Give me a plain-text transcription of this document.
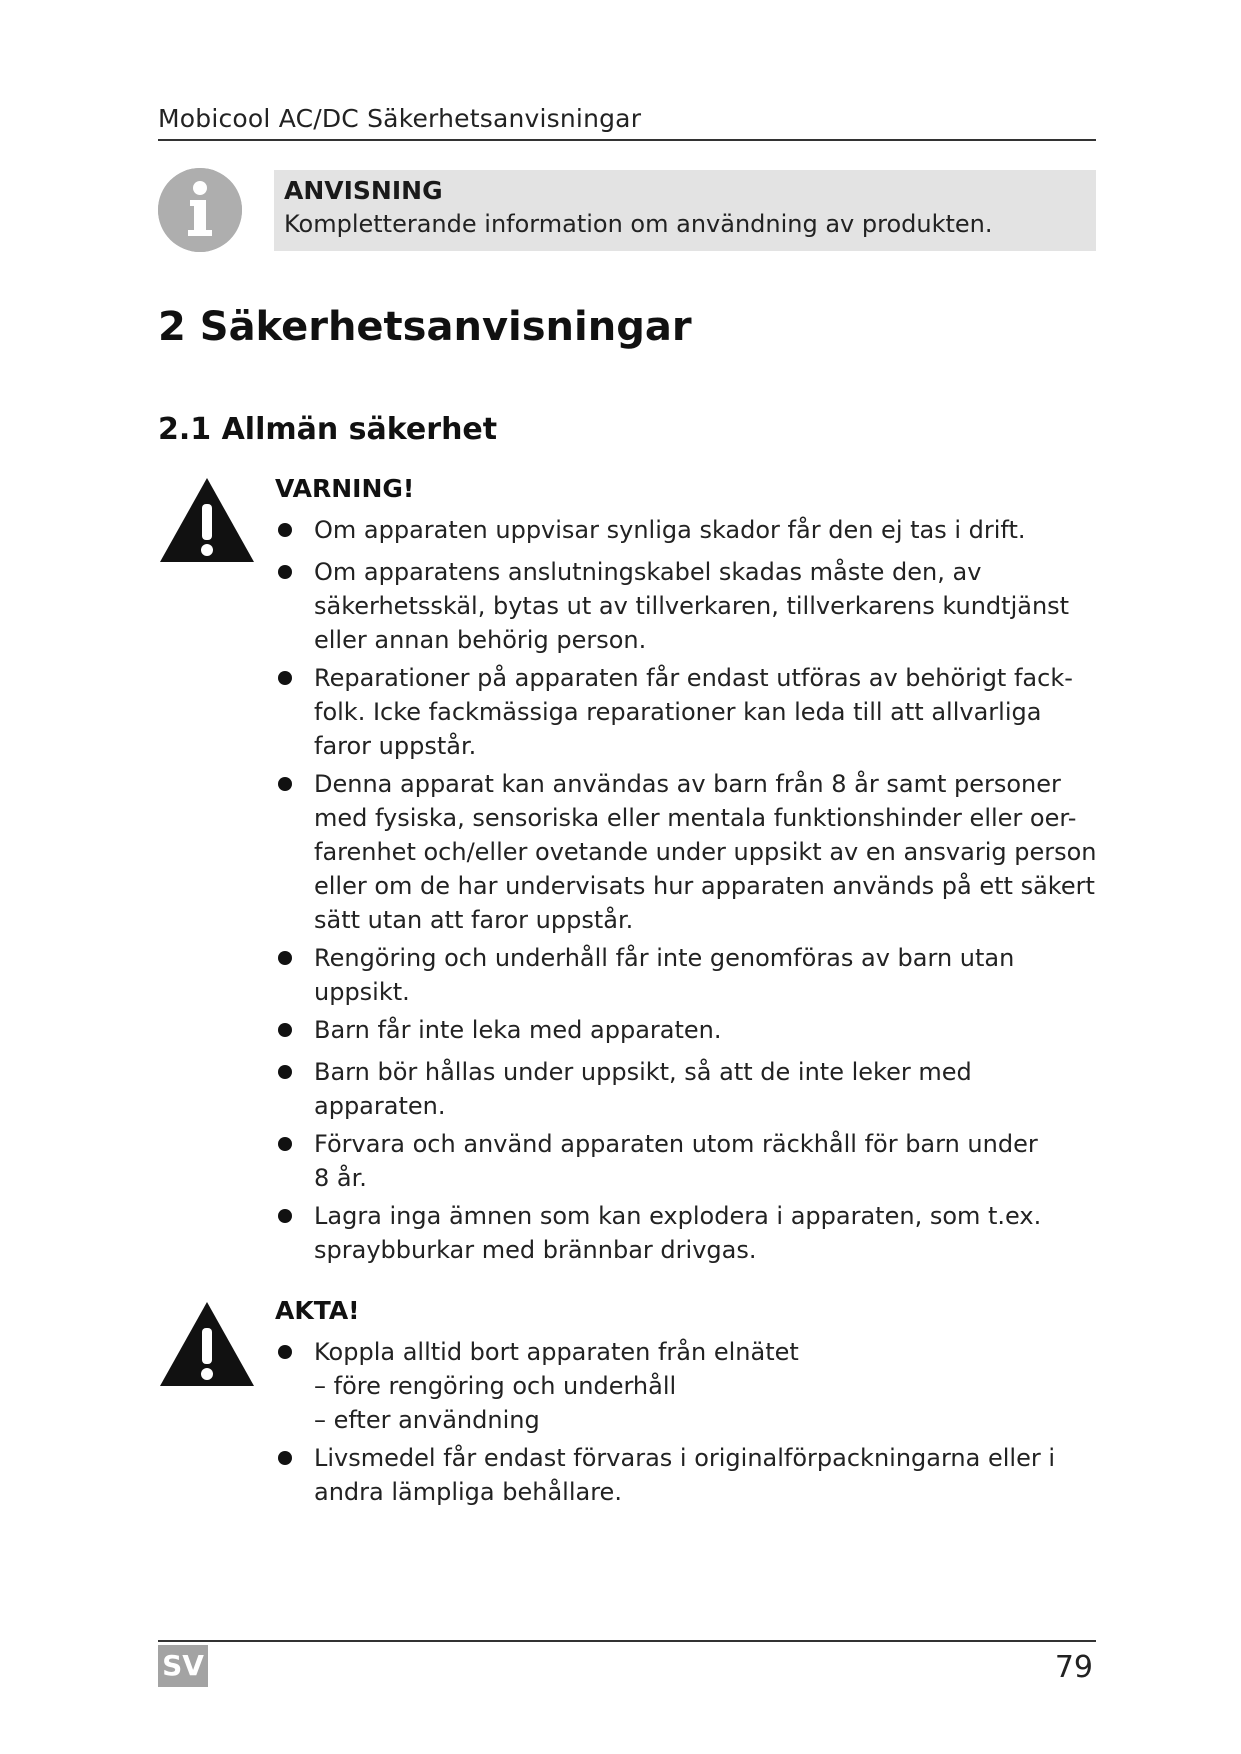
Mobicool AC/DC Säkerhetsanvisningar
ANVISNING
Kompletterande information om användning av produkten.
2 Säkerhetsanvisningar
2.1 Allmän säkerhet
VARNING!
Om apparaten uppvisar synliga skador får den ej tas i drift.
Om apparatens anslutningskabel skadas måste den, av
säkerhetsskäl, bytas ut av tillverkaren, tillverkarens kundtjänst
eller annan behörig person.
Reparationer på apparaten får endast utföras av behörigt fack-
folk. Icke fackmässiga reparationer kan leda till att allvarliga
faror uppstår.
Denna apparat kan användas av barn från 8 år samt personer
med fysiska, sensoriska eller mentala funktionshinder eller oer-
farenhet och/eller ovetande under uppsikt av en ansvarig person
eller om de har undervisats hur apparaten används på ett säkert
sätt utan att faror uppstår.
Rengöring och underhåll får inte genomföras av barn utan
uppsikt.
Barn får inte leka med apparaten.
Barn bör hållas under uppsikt, så att de inte leker med
apparaten.
Förvara och använd apparaten utom räckhåll för barn under
8 år.
Lagra inga ämnen som kan explodera i apparaten, som t.ex.
spraybburkar med brännbar drivgas.
AKTA!
Koppla alltid bort apparaten från elnätet
– före rengöring och underhåll
– efter användning
Livsmedel får endast förvaras i originalförpackningarna eller i
andra lämpliga behållare.
SV	79
